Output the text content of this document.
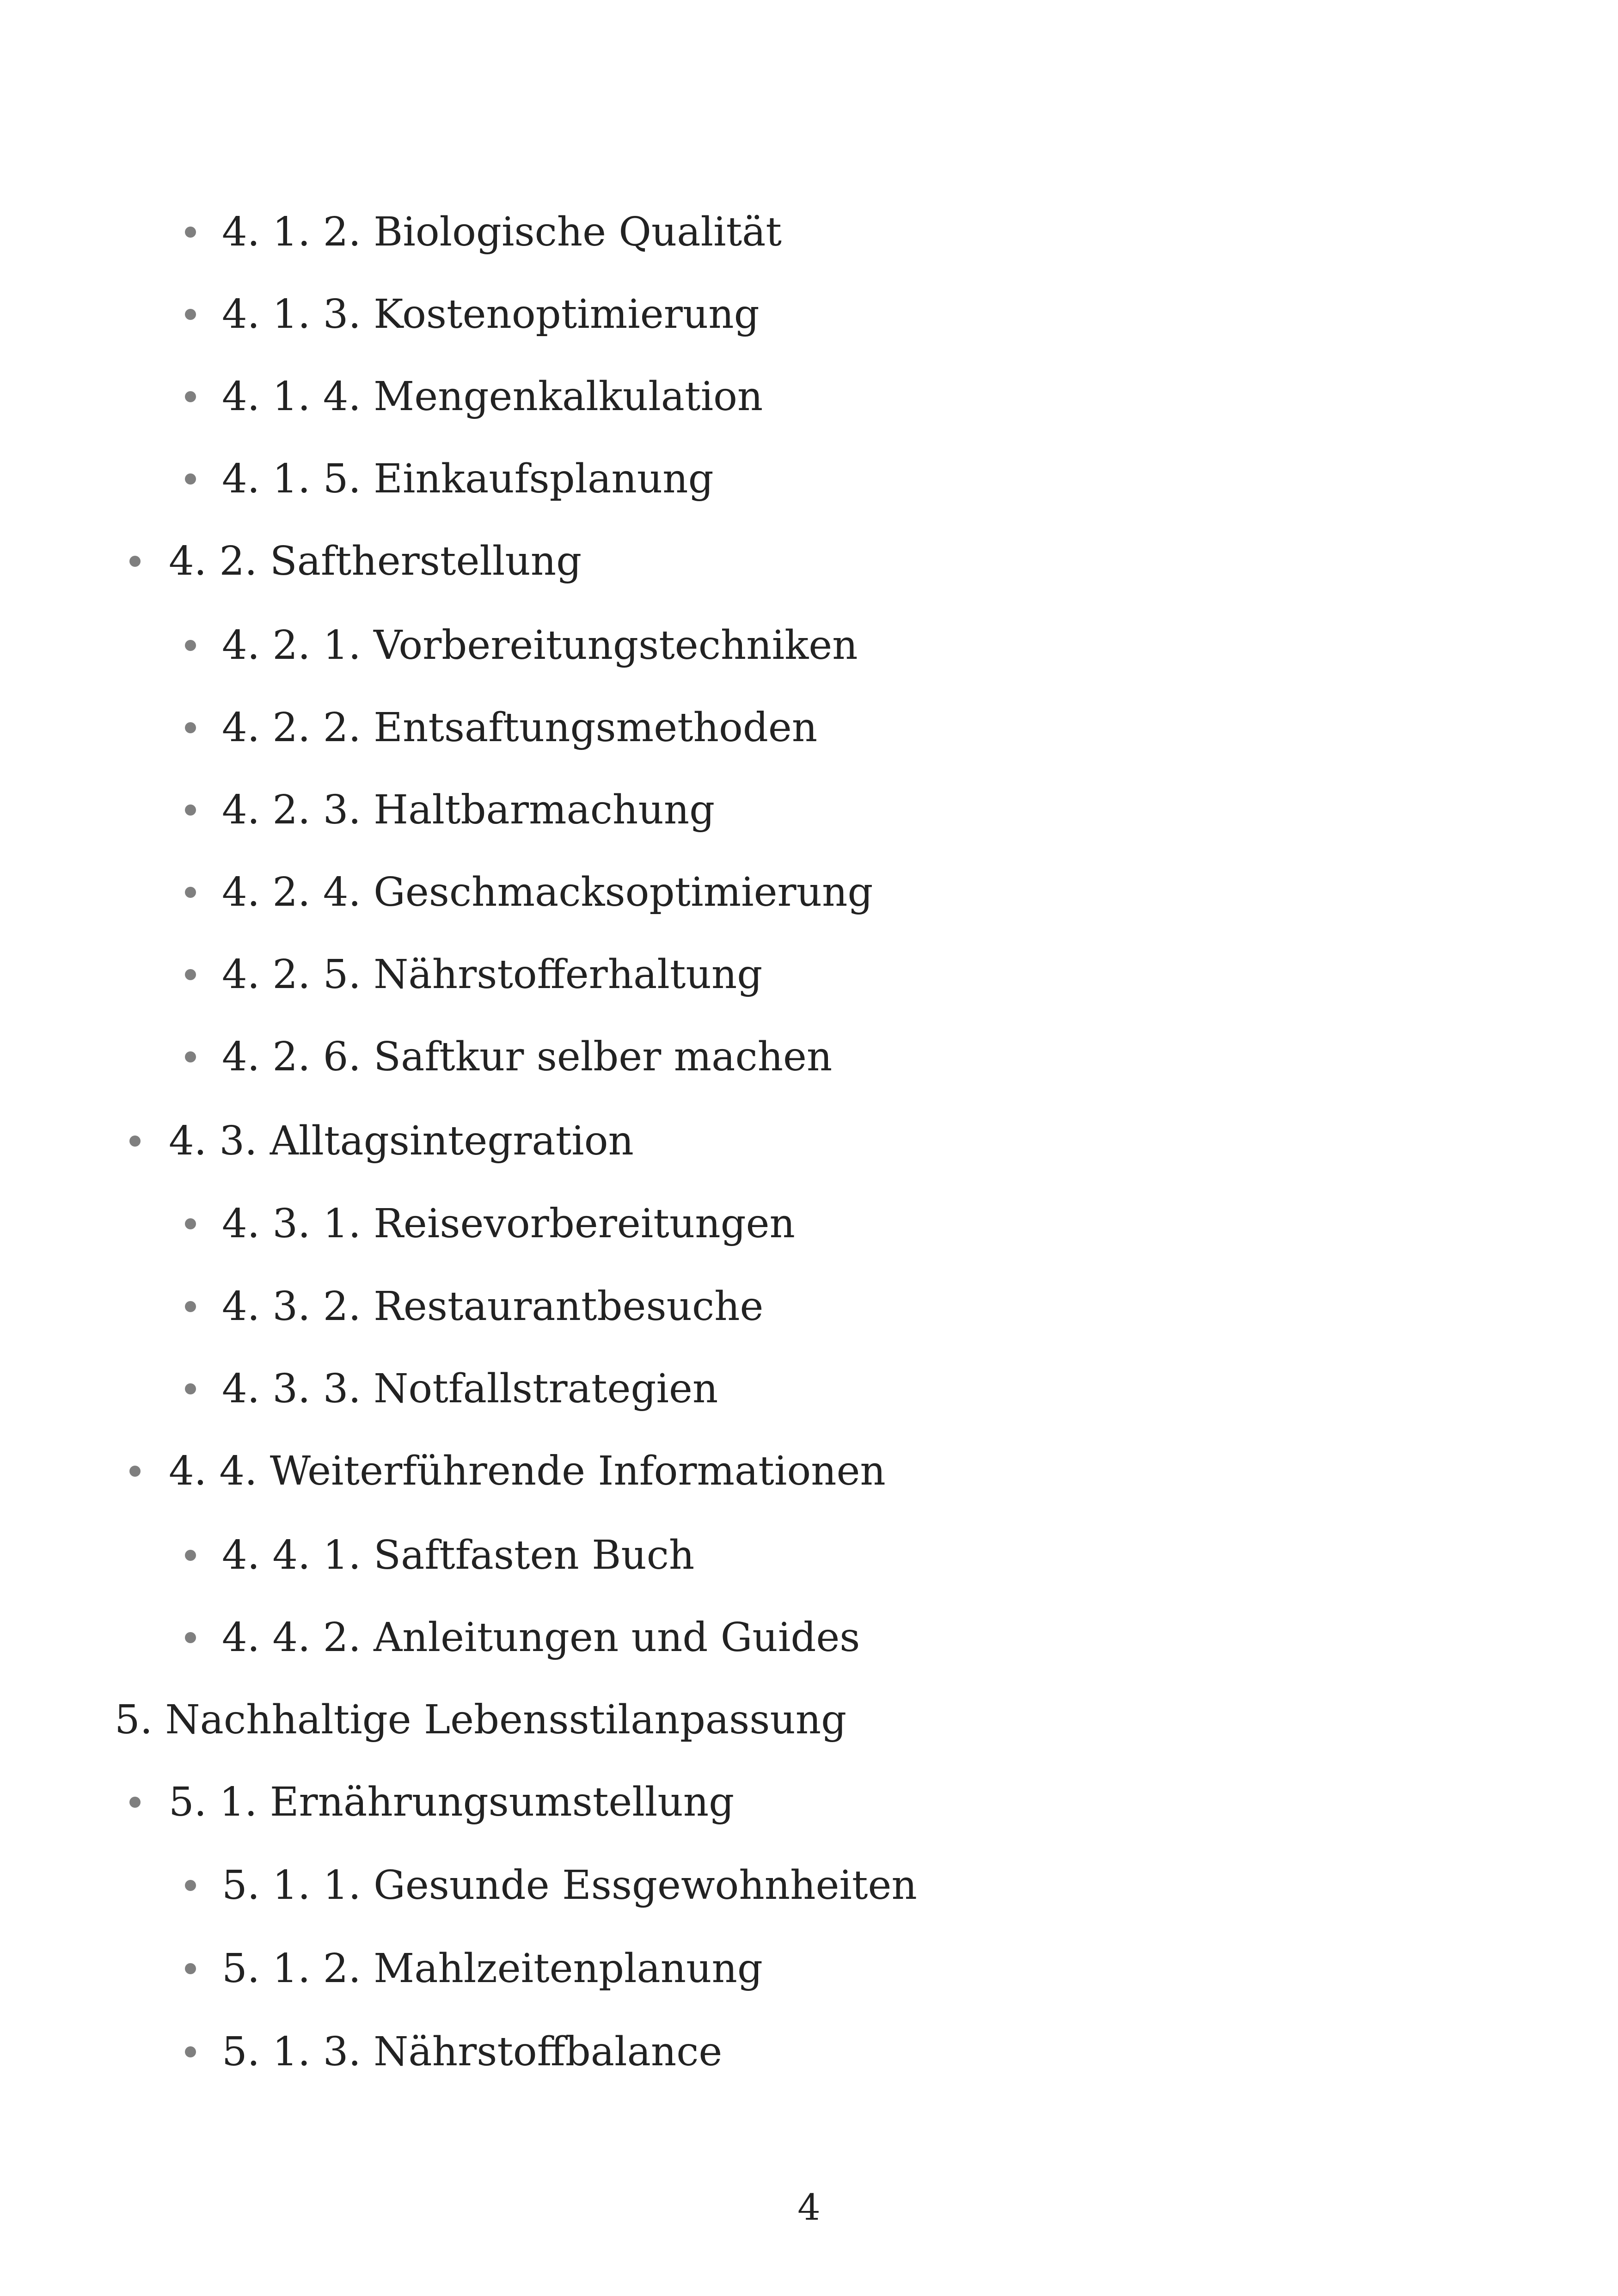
4. 1. 2. Biologische Qualität
4. 1. 3. Kostenoptimierung
4. 1. 4. Mengenkalkulation
4. 1. 5. Einkaufsplanung
4. 2. Saftherstellung
4. 2. 1. Vorbereitungstechniken
4. 2. 2. Entsaftungsmethoden
4. 2. 3. Haltbarmachung
4. 2. 4. Geschmacksoptimierung
4. 2. 5. Nährstofferhaltung
4. 2. 6. Saftkur selber machen
4. 3. Alltagsintegration
4. 3. 1. Reisevorbereitungen
4. 3. 2. Restaurantbesuche
4. 3. 3. Notfallstrategien
4. 4. Weiterführende Informationen
4. 4. 1. Saftfasten Buch
4. 4. 2. Anleitungen und Guides
5. Nachhaltige Lebensstilanpassung
5. 1. Ernährungsumstellung
5. 1. 1. Gesunde Essgewohnheiten
5. 1. 2. Mahlzeitenplanung
5. 1. 3. Nährstoffbalance
4
